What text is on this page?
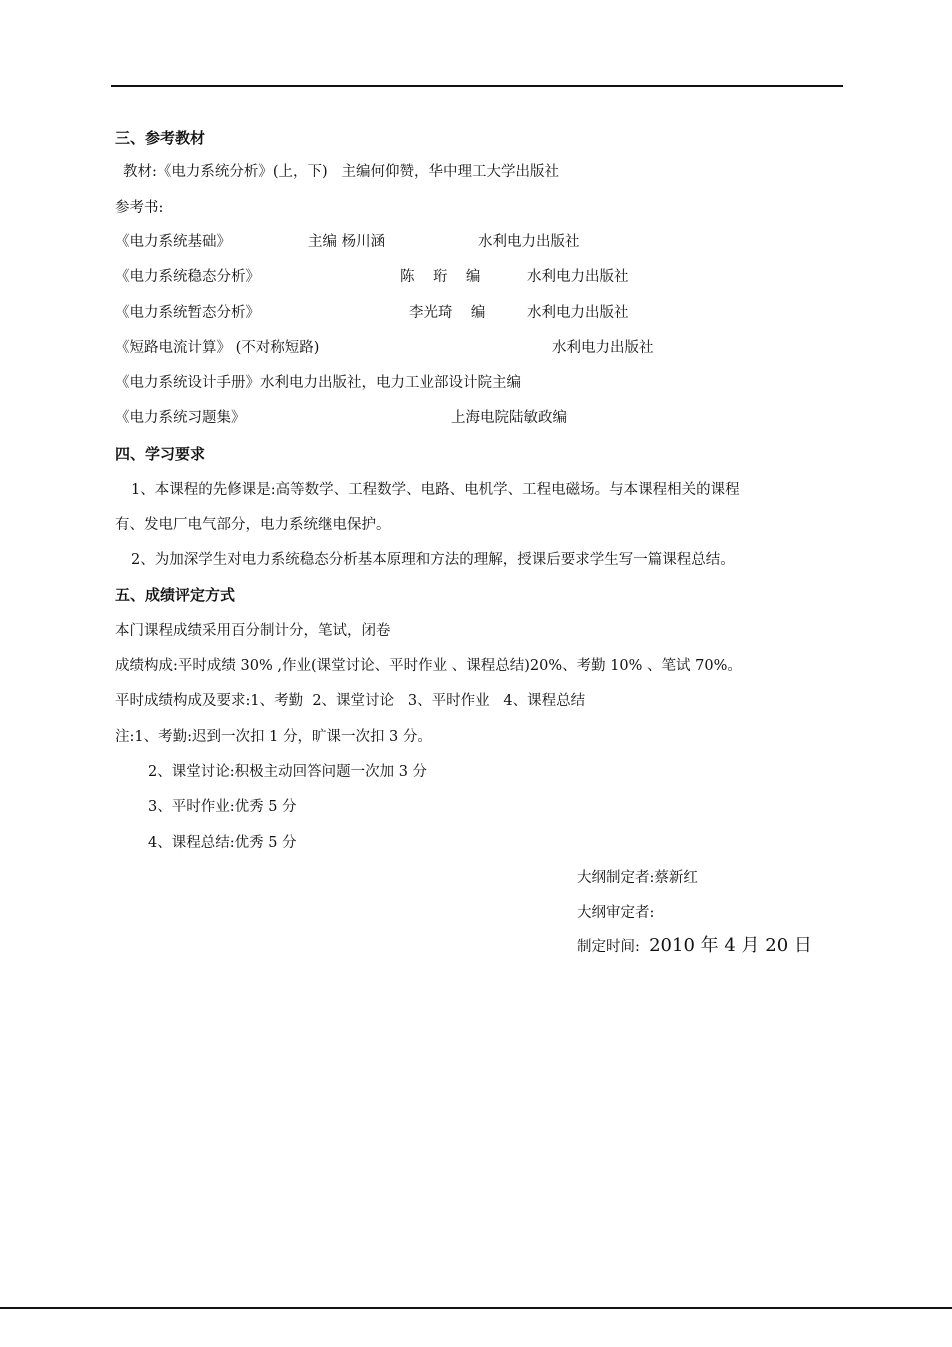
三、参考教材
教材:《电力系统分析》(上，下)   主编何仰赞，华中理工大学出版社
参考书:
《电力系统基础》	主编 杨川涵	水利电力出版社
《电力系统稳态分析》	陈    珩    编	水利电力出版社
《电力系统暂态分析》	李光琦    编	水利电力出版社
《短路电流计算》 (不对称短路)	水利电力出版社
《电力系统设计手册》水利电力出版社，电力工业部设计院主编
《电力系统习题集》	上海电院陆敏政编
四、学习要求
1、本课程的先修课是:高等数学、工程数学、电路、电机学、工程电磁场。与本课程相关的课程
有、发电厂电气部分，电力系统继电保护。
2、为加深学生对电力系统稳态分析基本原理和方法的理解，授课后要求学生写一篇课程总结。
五、成绩评定方式
本门课程成绩采用百分制计分，笔试，闭卷
成绩构成:平时成绩 30% ,作业(课堂讨论、平时作业 、课程总结)20%、考勤 10% 、笔试 70%。
平时成绩构成及要求:1、考勤  2、课堂讨论   3、平时作业   4、课程总结
注:1、考勤:迟到一次扣 1 分，旷课一次扣 3 分。
2、课堂讨论:积极主动回答问题一次加 3 分
3、平时作业:优秀 5 分
4、课程总结:优秀 5 分
大纲制定者:蔡新红
大纲审定者:
制定时间: 2010 年 4 月 20 日
